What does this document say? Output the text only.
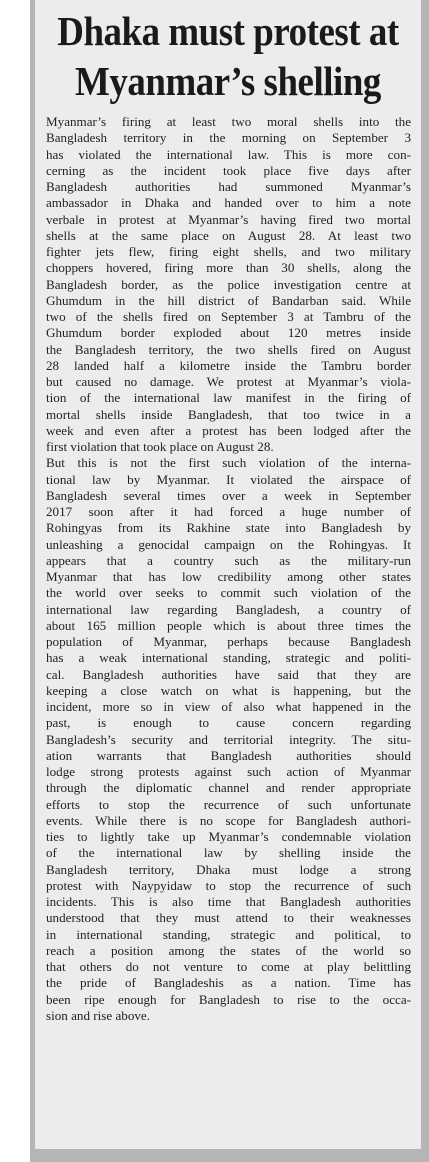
Dhaka must protest at
Myanmar’s shelling
Myanmar’s firing at least two moral shells into the
Bangladesh territory in the morning on September 3
has violated the international law. This is more con-
cerning as the incident took place five days after
Bangladesh authorities had summoned Myanmar’s
ambassador in Dhaka and handed over to him a note
verbale in protest at Myanmar’s having fired two mortal
shells at the same place on August 28. At least two
fighter jets flew, firing eight shells, and two military
choppers hovered, firing more than 30 shells, along the
Bangladesh border, as the police investigation centre at
Ghumdum in the hill district of Bandarban said. While
two of the shells fired on September 3 at Tambru of the
Ghumdum border exploded about 120 metres inside
the Bangladesh territory, the two shells fired on August
28 landed half a kilometre inside the Tambru border
but caused no damage. We protest at Myanmar’s viola-
tion of the international law manifest in the firing of
mortal shells inside Bangladesh, that too twice in a
week and even after a protest has been lodged after the
first violation that took place on August 28.
But this is not the first such violation of the interna-
tional law by Myanmar. It violated the airspace of
Bangladesh several times over a week in September
2017 soon after it had forced a huge number of
Rohingyas from its Rakhine state into Bangladesh by
unleashing a genocidal campaign on the Rohingyas. It
appears that a country such as the military-run
Myanmar that has low credibility among other states
the world over seeks to commit such violation of the
international law regarding Bangladesh, a country of
about 165 million people which is about three times the
population of Myanmar, perhaps because Bangladesh
has a weak international standing, strategic and politi-
cal. Bangladesh authorities have said that they are
keeping a close watch on what is happening, but the
incident, more so in view of also what happened in the
past, is enough to cause concern regarding
Bangladesh’s security and territorial integrity. The situ-
ation warrants that Bangladesh authorities should
lodge strong protests against such action of Myanmar
through the diplomatic channel and render appropriate
efforts to stop the recurrence of such unfortunate
events. While there is no scope for Bangladesh authori-
ties to lightly take up Myanmar’s condemnable violation
of the international law by shelling inside the
Bangladesh territory, Dhaka must lodge a strong
protest with Naypyidaw to stop the recurrence of such
incidents. This is also time that Bangladesh authorities
understood that they must attend to their weaknesses
in international standing, strategic and political, to
reach a position among the states of the world so
that others do not venture to come at play belittling
the pride of Bangladeshis as a nation. Time has
been ripe enough for Bangladesh to rise to the occa-
sion and rise above.
